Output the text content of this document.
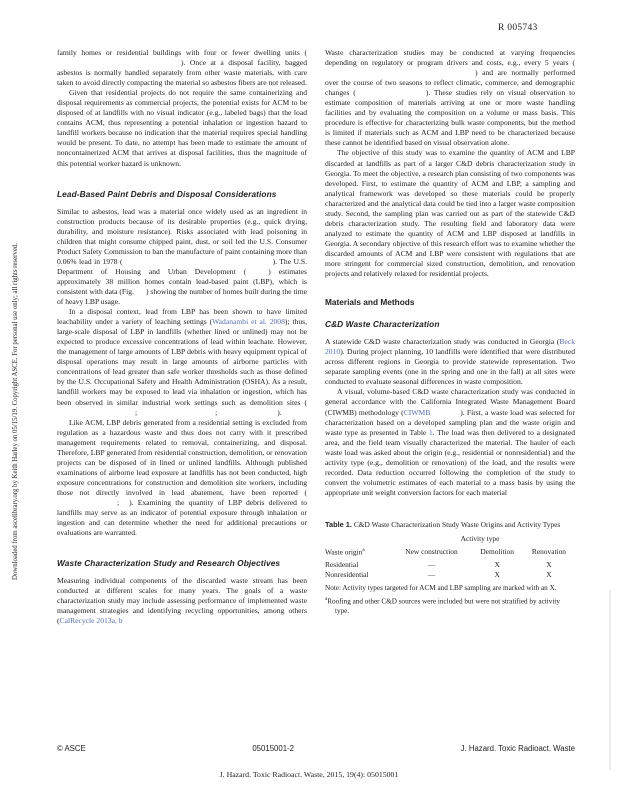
R 005743
Downloaded from ascelibrary.org by Keith Harley on 05/15/19. Copyright ASCE. For personal use only; all rights reserved.

family homes or residential buildings with four or fewer dwelling units (). Once at a disposal facility, bagged asbestos is normally handled separately from other waste materials, with care taken to avoid directly compacting the material so asbestos fibers are not released.

Given that residential projects do not require the same containerizing and disposal requirements as commercial projects, the potential exists for ACM to be disposed of at landfills with no visual indicator (e.g., labeled bags) that the load contains ACM, thus representing a potential inhalation or ingestion hazard to landfill workers because no indication that the material requires special handling would be present. To date, no attempt has been made to estimate the amount of noncontainerized ACM that arrives at disposal facilities, thus the magnitude of this potential worker hazard is unknown.

Lead-Based Paint Debris and Disposal Considerations

Similar to asbestos, lead was a material once widely used as an ingredient in construction products because of its desirable properties (e.g., quick drying, durability, and moisture resistance). Risks associated with lead poisoning in children that might consume chipped paint, dust, or soil led the U.S. Consumer Product Safety Commission to ban the manufacture of paint containing more than 0.06% lead in 1978 (	). The U.S. Department of Housing and Urban Development (	) estimates approximately 38 million homes contain lead-based paint (LBP), which is consistent with data (Fig. ) showing the number of homes built during the time of heavy LBP usage.

In a disposal context, lead from LBP has been shown to have limited leachability under a variety of leaching settings (Wadanambi et al. 2008); thus, large-scale disposal of LBP in landfills (whether lined or unlined) may not be expected to produce excessive concentrations of lead within leachate. However, the management of large amounts of LBP debris with heavy equipment typical of disposal operations may result in large amounts of airborne particles with concentrations of lead greater than safe worker thresholds such as those defined by the U.S. Occupational Safety and Health Administration (OSHA). As a result, landfill workers may be exposed to lead via inhalation or ingestion, which has been observed in similar industrial work settings such as demolition sites (;	;	).

Like ACM, LBP debris generated from a residential setting is excluded from regulation as a hazardous waste and thus does not carry with it prescribed management requirements related to removal, containerizing, and disposal. Therefore, LBP generated from residential construction, demolition, or renovation projects can be disposed of in lined or unlined landfills. Although published examinations of airborne lead exposure at landfills has not been conducted, high exposure concentrations for construction and demolition site workers, including those not directly involved in lead abatement, have been reported (; ). Examining the quantity of LBP debris delivered to landfills may serve as an indicator of potential exposure through inhalation or ingestion and can determine whether the need for additional precautions or evaluations are warranted.

Waste Characterization Study and Research Objectives

Measuring individual components of the discarded waste stream has been conducted at different scales for many years. The goals of a waste characterization study may include assessing performance of implemented waste management strategies and identifying recycling opportunities, among others (CalRecycle 2013a, b

Waste characterization studies may be conducted at varying frequencies depending on regulatory or program drivers and costs, e.g., every 5 years () and are normally performed over the course of two seasons to reflect climatic, commerce, and demographic changes (	). These studies rely on visual observation to estimate composition of materials arriving at one or more waste handling facilities and by evaluating the composition on a volume or mass basis. This procedure is effective for characterizing bulk waste components, but the method is limited if materials such as ACM and LBP need to be characterized because these cannot be identified based on visual observation alone.

The objective of this study was to examine the quantity of ACM and LBP discarded at landfills as part of a larger C&D debris characterization study in Georgia. To meet the objective, a research plan consisting of two components was developed. First, to estimate the quantity of ACM and LBP, a sampling and analytical framework was developed so these materials could be properly characterized and the analytical data could be tied into a larger waste composition study. Second, the sampling plan was carried out as part of the statewide C&D debris characterization study. The resulting field and laboratory data were analyzed to estimate the quantity of ACM and LBP disposed at landfills in Georgia. A secondary objective of this research effort was to examine whether the discarded amounts of ACM and LBP were consistent with regulations that are more stringent for commercial sized construction, demolition, and renovation projects and relatively relaxed for residential projects.

Materials and Methods
C&D Waste Characterization

A statewide C&D waste characterization study was conducted in Georgia (Beck 2010). During project planning, 10 landfills were identified that were distributed across different regions in Georgia to provide statewide representation. Two separate sampling events (one in the spring and one in the fall) at all sites were conducted to evaluate seasonal differences in waste composition.

A visual, volume-based C&D waste characterization study was conducted in general accordance with the California Integrated Waste Management Board (CIWMB) methodology (CIWMB	). First, a waste load was selected for characterization based on a developed sampling plan and the waste origin and waste type as presented in Table 1. The load was then delivered to a designated area, and the field team visually characterized the material. The hauler of each waste load was asked about the origin (e.g., residential or nonresidential) and the activity type (e.g., demolition or renovation) of the load, and the results were recorded. Data reduction occurred following the completion of the study to convert the volumetric estimates of each material to a mass basis by using the appropriate unit weight conversion factors for each material

Table 1. C&D Waste Characterization Study Waste Origins and Activity Types
Activity type			
Waste origin$^a$	New construction	Demolition	Renovation
Residential	—	X	X
Nonresidential	—	X	X

Note: Activity types targeted for ACM and LBP sampling are marked with an X.

$^a$Roofing and other C&D sources were included but were not stratified by activity type.

© ASCE	05015001-2	J. Hazard. Toxic Radioact. Waste
J. Hazard. Toxic Radioact. Waste, 2015, 19(4): 05015001
